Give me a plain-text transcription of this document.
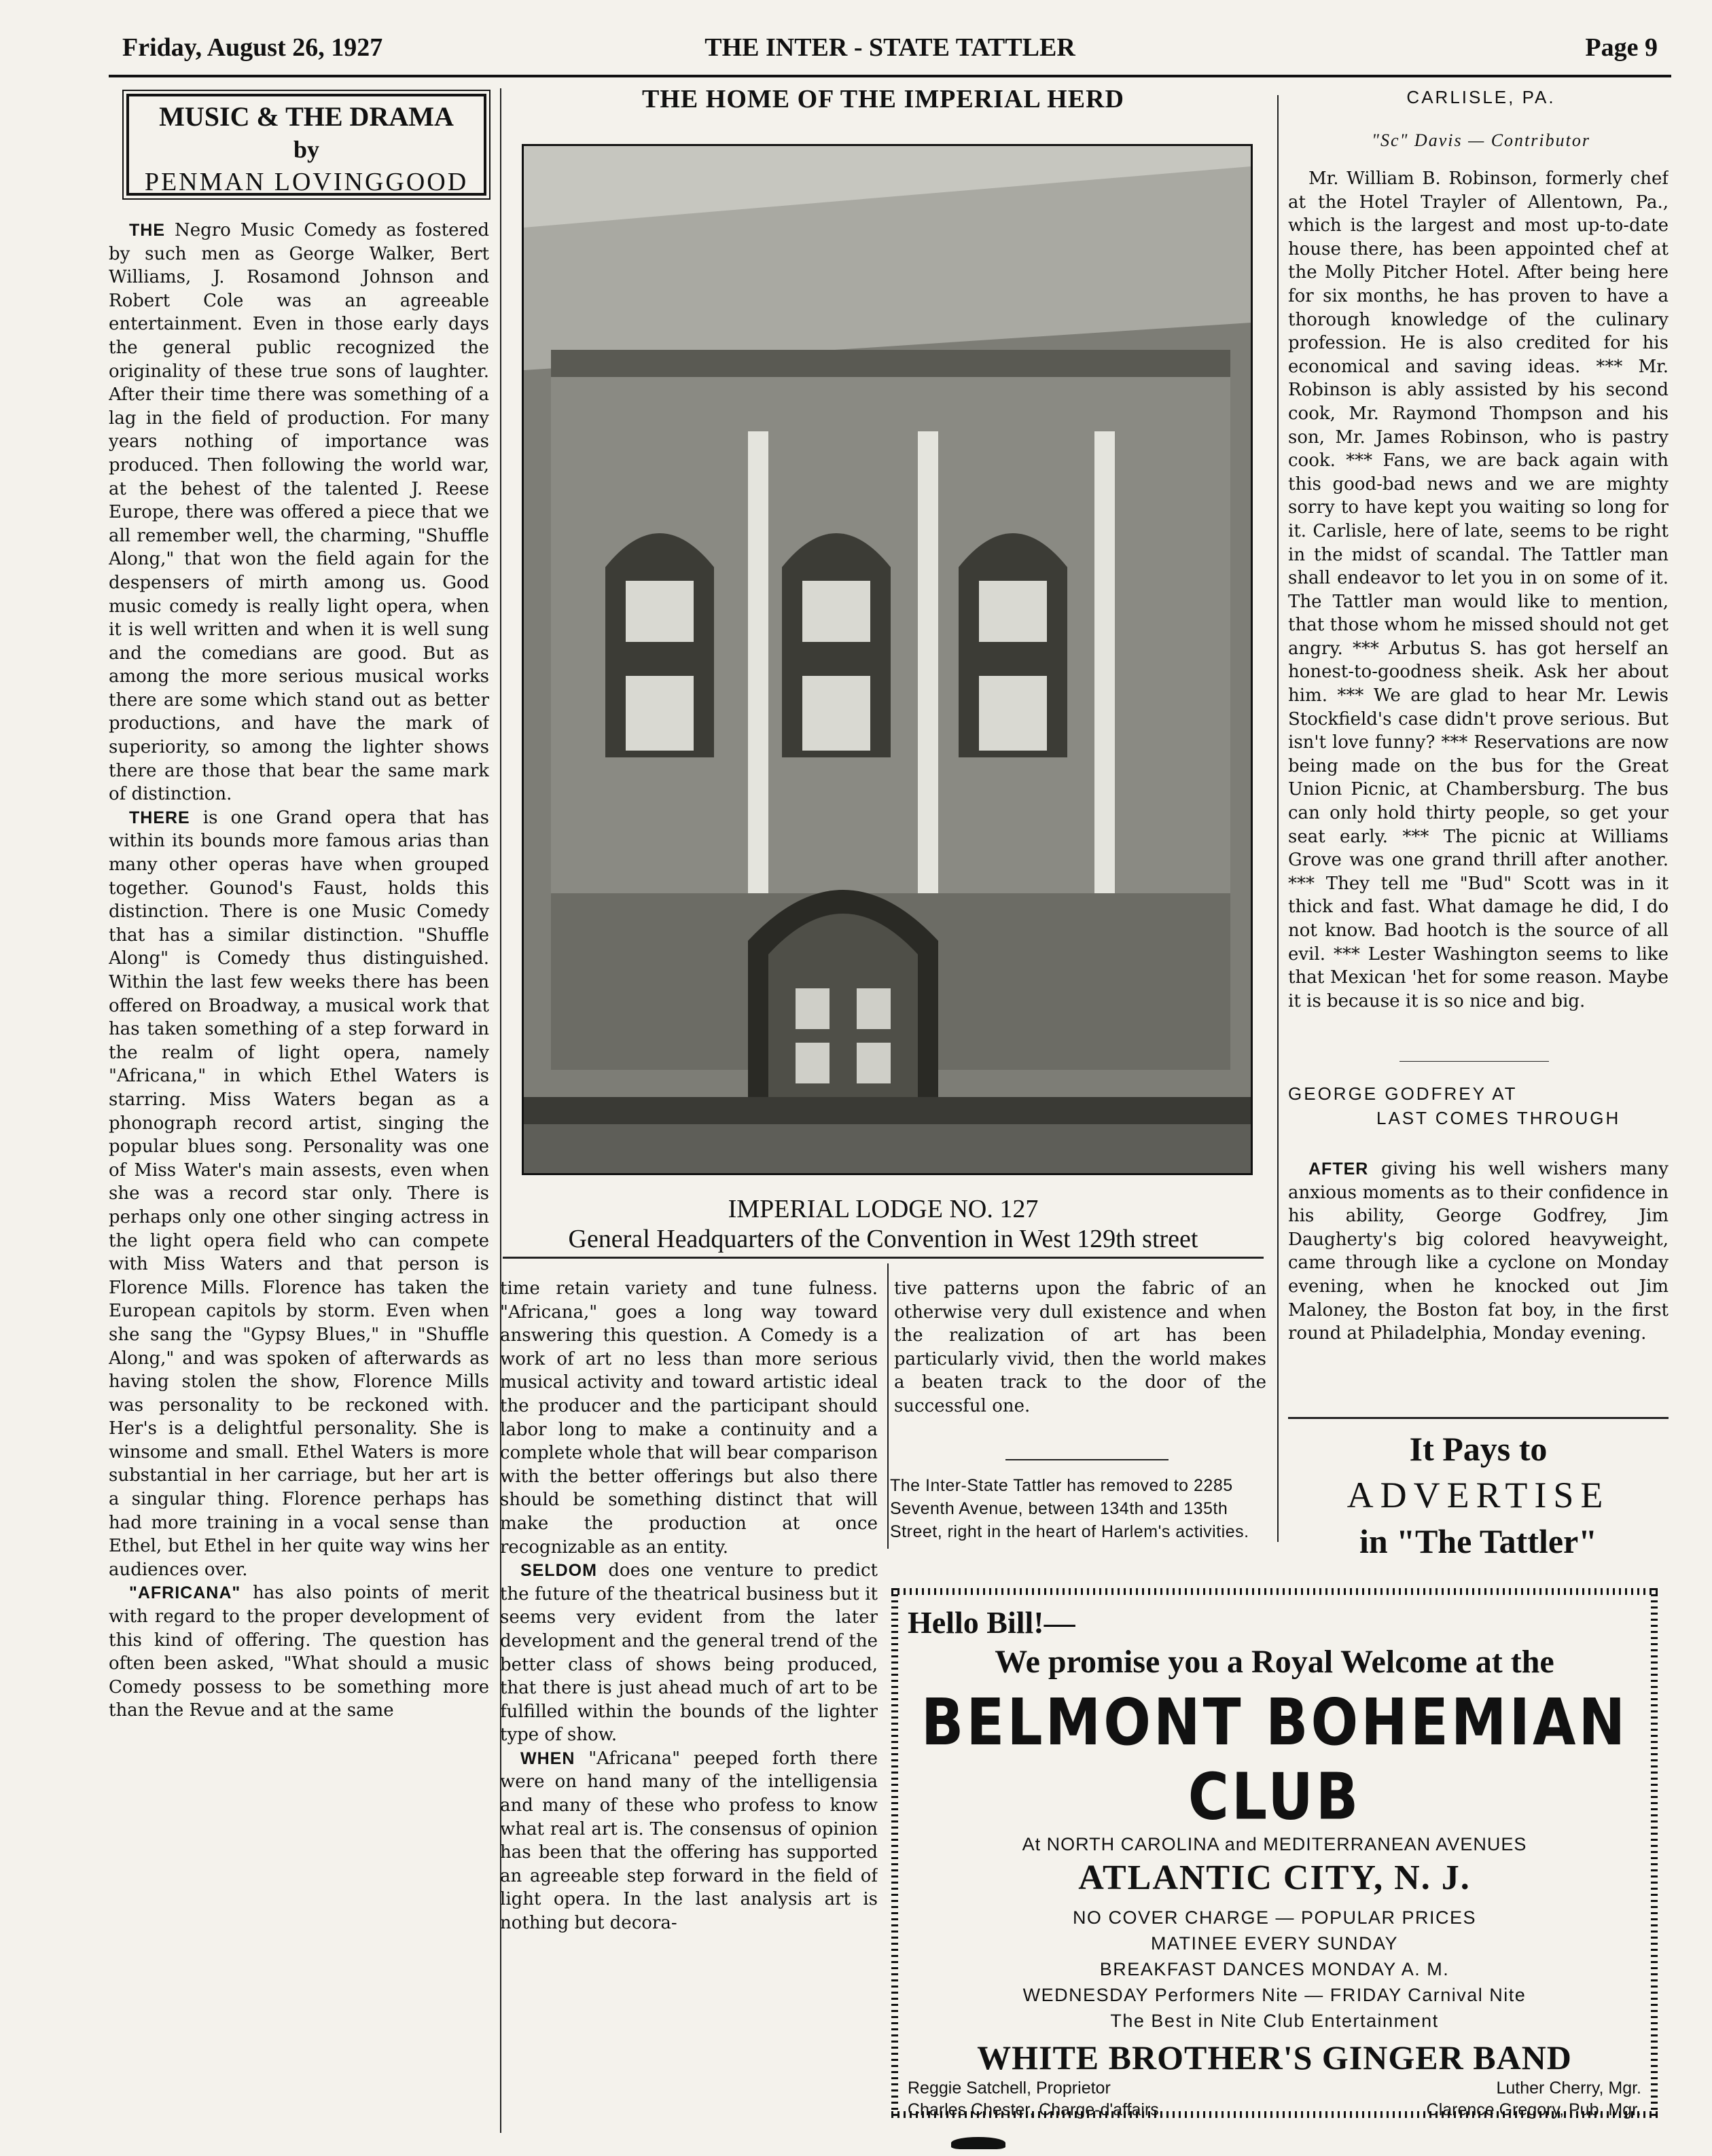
Friday, August 26, 1927	THE INTER - STATE TATTLER	Page 9
MUSIC & THE DRAMA
by
PENMAN LOVINGGOOD

THE Negro Music Comedy as fostered by such men as George Walker, Bert Williams, J. Rosamond Johnson and Robert Cole was an agreeable entertainment. Even in those early days the general public recognized the originality of these true sons of laughter. After their time there was something of a lag in the field of production. For many years nothing of importance was produced. Then following the world war, at the behest of the talented J. Reese Europe, there was offered a piece that we all remember well, the charming, "Shuffle Along," that won the field again for the despensers of mirth among us. Good music comedy is really light opera, when it is well written and when it is well sung and the comedians are good. But as among the more serious musical works there are some which stand out as better productions, and have the mark of superiority, so among the lighter shows there are those that bear the same mark of distinction.

THERE is one Grand opera that has within its bounds more famous arias than many other operas have when grouped together. Gounod's Faust, holds this distinction. There is one Music Comedy that has a similar distinction. "Shuffle Along" is Comedy thus distinguished. Within the last few weeks there has been offered on Broadway, a musical work that has taken something of a step forward in the realm of light opera, namely "Africana," in which Ethel Waters is starring. Miss Waters began as a phonograph record artist, singing the popular blues song. Personality was one of Miss Water's main assests, even when she was a record star only. There is perhaps only one other singing actress in the light opera field who can compete with Miss Waters and that person is Florence Mills. Florence has taken the European capitols by storm. Even when she sang the "Gypsy Blues," in "Shuffle Along," and was spoken of afterwards as having stolen the show, Florence Mills was personality to be reckoned with. Her's is a delightful personality. She is winsome and small. Ethel Waters is more substantial in her carriage, but her art is a singular thing. Florence perhaps has had more training in a vocal sense than Ethel, but Ethel in her quite way wins her audiences over.

"AFRICANA" has also points of merit with regard to the proper development of this kind of offering. The question has often been asked, "What should a music Comedy possess to be something more than the Revue and at the same

THE HOME OF THE IMPERIAL HERD
IMPERIAL LODGE NO. 127
General Headquarters of the Convention in West 129th street

time retain variety and tune fulness. "Africana," goes a long way toward answering this question. A Comedy is a work of art no less than more serious musical activity and toward artistic ideal the producer and the participant should labor long to make a continuity and a complete whole that will bear comparison with the better offerings but also there should be something distinct that will make the production at once recognizable as an entity.

SELDOM does one venture to predict the future of the theatrical business but it seems very evident from the later development and the general trend of the better class of shows being produced, that there is just ahead much of art to be fulfilled within the bounds of the lighter type of show.

WHEN "Africana" peeped forth there were on hand many of the intelligensia and many of these who profess to know what real art is. The consensus of opinion has been that the offering has supported an agreeable step forward in the field of light opera. In the last analysis art is nothing but decora-

tive patterns upon the fabric of an otherwise very dull existence and when the realization of art has been particularly vivid, then the world makes a beaten track to the door of the successful one.

The Inter-State Tattler has removed to 2285 Seventh Avenue, between 134th and 135th Street, right in the heart of Harlem's activities.
CARLISLE, PA.
"Sc" Davis — Contributor

Mr. William B. Robinson, formerly chef at the Hotel Trayler of Allentown, Pa., which is the largest and most up-to-date house there, has been appointed chef at the Molly Pitcher Hotel. After being here for six months, he has proven to have a thorough knowledge of the culinary profession. He is also credited for his economical and saving ideas. *** Mr. Robinson is ably assisted by his second cook, Mr. Raymond Thompson and his son, Mr. James Robinson, who is pastry cook. *** Fans, we are back again with this good-bad news and we are mighty sorry to have kept you waiting so long for it. Carlisle, here of late, seems to be right in the midst of scandal. The Tattler man shall endeavor to let you in on some of it. The Tattler man would like to mention, that those whom he missed should not get angry. *** Arbutus S. has got herself an honest-to-goodness sheik. Ask her about him. *** We are glad to hear Mr. Lewis Stockfield's case didn't prove serious. But isn't love funny? *** Reservations are now being made on the bus for the Great Union Picnic, at Chambersburg. The bus can only hold thirty people, so get your seat early. *** The picnic at Williams Grove was one grand thrill after another. *** They tell me "Bud" Scott was in it thick and fast. What damage he did, I do not know. Bad hootch is the source of all evil. *** Lester Washington seems to like that Mexican 'het for some reason. Maybe it is because it is so nice and big.

GEORGE GODFREY AT
LAST COMES THROUGH

AFTER giving his well wishers many anxious moments as to their confidence in his ability, George Godfrey, Jim Daugherty's big colored heavyweight, came through like a cyclone on Monday evening, when he knocked out Jim Maloney, the Boston fat boy, in the first round at Philadelphia, Monday evening.

It Pays to
ADVERTISE
in "The Tattler"
Hello Bill!—
We promise you a Royal Welcome at the
BELMONT BOHEMIAN CLUB
At NORTH CAROLINA and MEDITERRANEAN AVENUES
ATLANTIC CITY, N. J.
NO COVER CHARGE — POPULAR PRICES
MATINEE EVERY SUNDAY
BREAKFAST DANCES MONDAY A. M.
WEDNESDAY Performers Nite — FRIDAY Carnival Nite
The Best in Nite Club Entertainment
WHITE BROTHER'S GINGER BAND
Reggie Satchell, Proprietor	Luther Cherry, Mgr.
Charles Chester, Charge-d'affairs	Clarence Gregory, Pub. Mgr.
